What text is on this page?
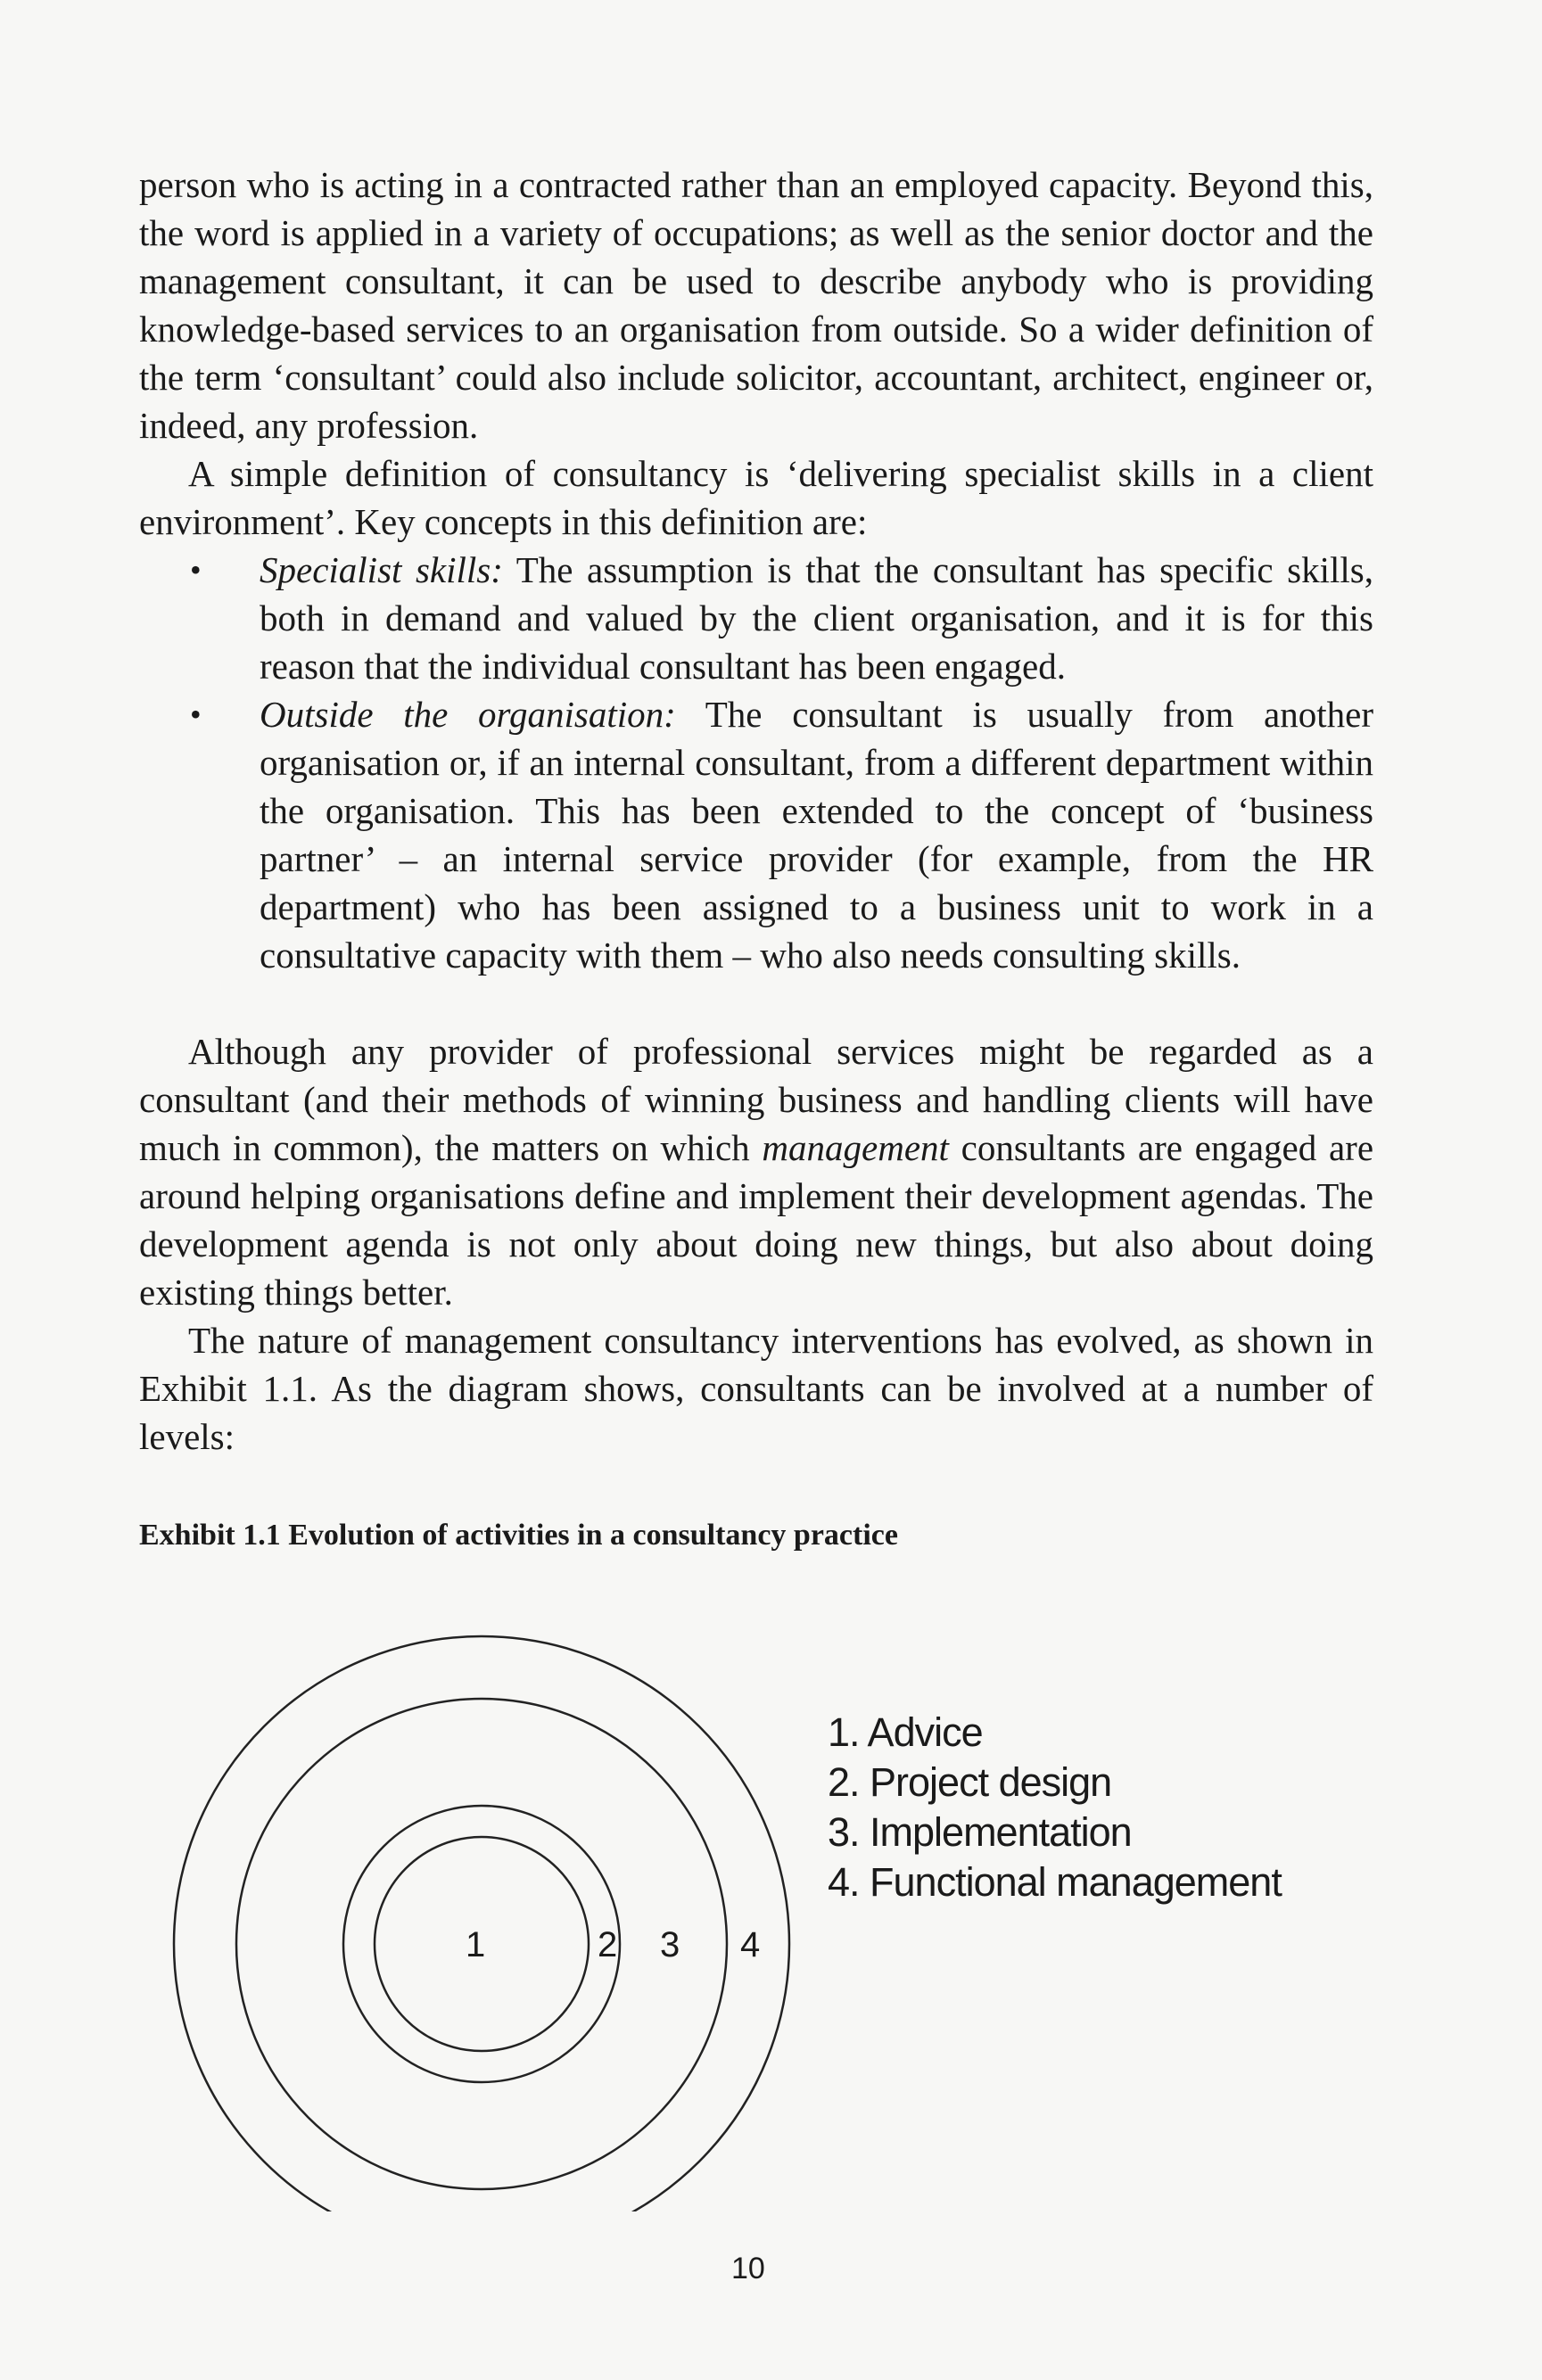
person who is acting in a contracted rather than an employed capacity. Beyond this, the word is applied in a variety of occupations; as well as the senior doctor and the management consultant, it can be used to describe anybody who is providing knowledge-based services to an organisation from outside. So a wider definition of the term ‘consultant’ could also include solicitor, accountant, architect, engineer or, indeed, any profession.

A simple definition of consultancy is ‘delivering specialist skills in a client environment’. Key concepts in this definition are:

• Specialist skills: The assumption is that the consultant has specific skills, both in demand and valued by the client organisation, and it is for this reason that the individual consultant has been engaged.
• Outside the organisation: The consultant is usually from another organisation or, if an internal consultant, from a different department within the organisation. This has been extended to the concept of ‘business partner’ – an internal service provider (for example, from the HR department) who has been assigned to a business unit to work in a consultative capacity with them – who also needs consulting skills.

Although any provider of professional services might be regarded as a consultant (and their methods of winning business and handling clients will have much in common), the matters on which management consultants are engaged are around helping organisations define and implement their development agendas. The development agenda is not only about doing new things, but also about doing existing things better.

The nature of management consultancy interventions has evolved, as shown in Exhibit 1.1. As the diagram shows, consultants can be involved at a number of levels:

Exhibit 1.1 Evolution of activities in a consultancy practice
1	2 3 4
1. Advice
2. Project design
3. Implementation
4. Functional management
10
